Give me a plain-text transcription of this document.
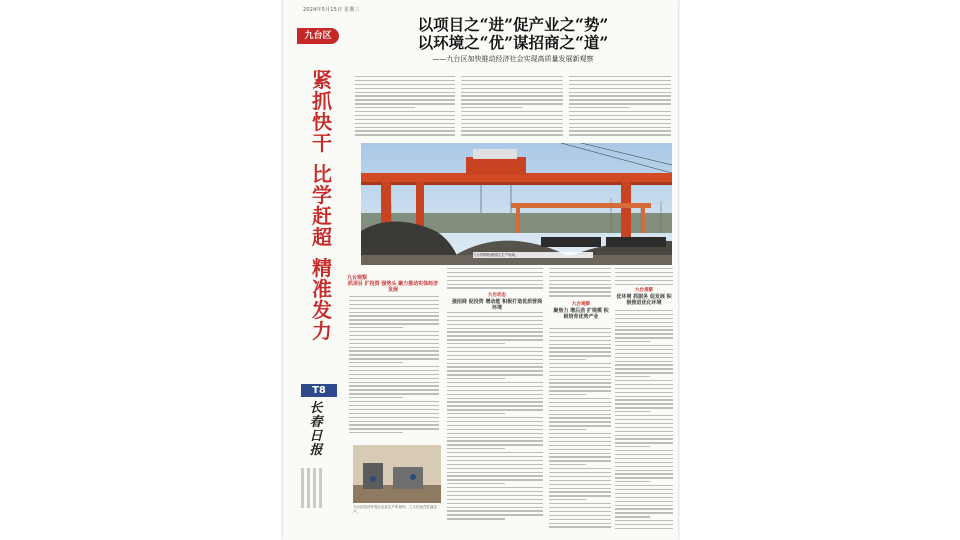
2024年5月15日 星期三
九台区
紧
抓
快
干
比
学
赶
超
精
准
发
力
T8
长春日报
以项目之“进”促产业之“势”
以环境之“优”谋招商之“道”
——九台区加快推动经济社会实现高质量发展新观察
九台铁路物流园区生产现场。
九台观察
抓项目 扩投资 强势头 聚力推动实体经济发展
九台动态
强招商 促投资 增动能 积极打造优质营商环境
九台观察
聚焦力 增后劲 扩规模 积极培育优势产业
九台观察
优环境 抓服务 促发展 积极推进优化环境
九台区经济开发区企业生产车间内，工人们正在忙碌生产。
